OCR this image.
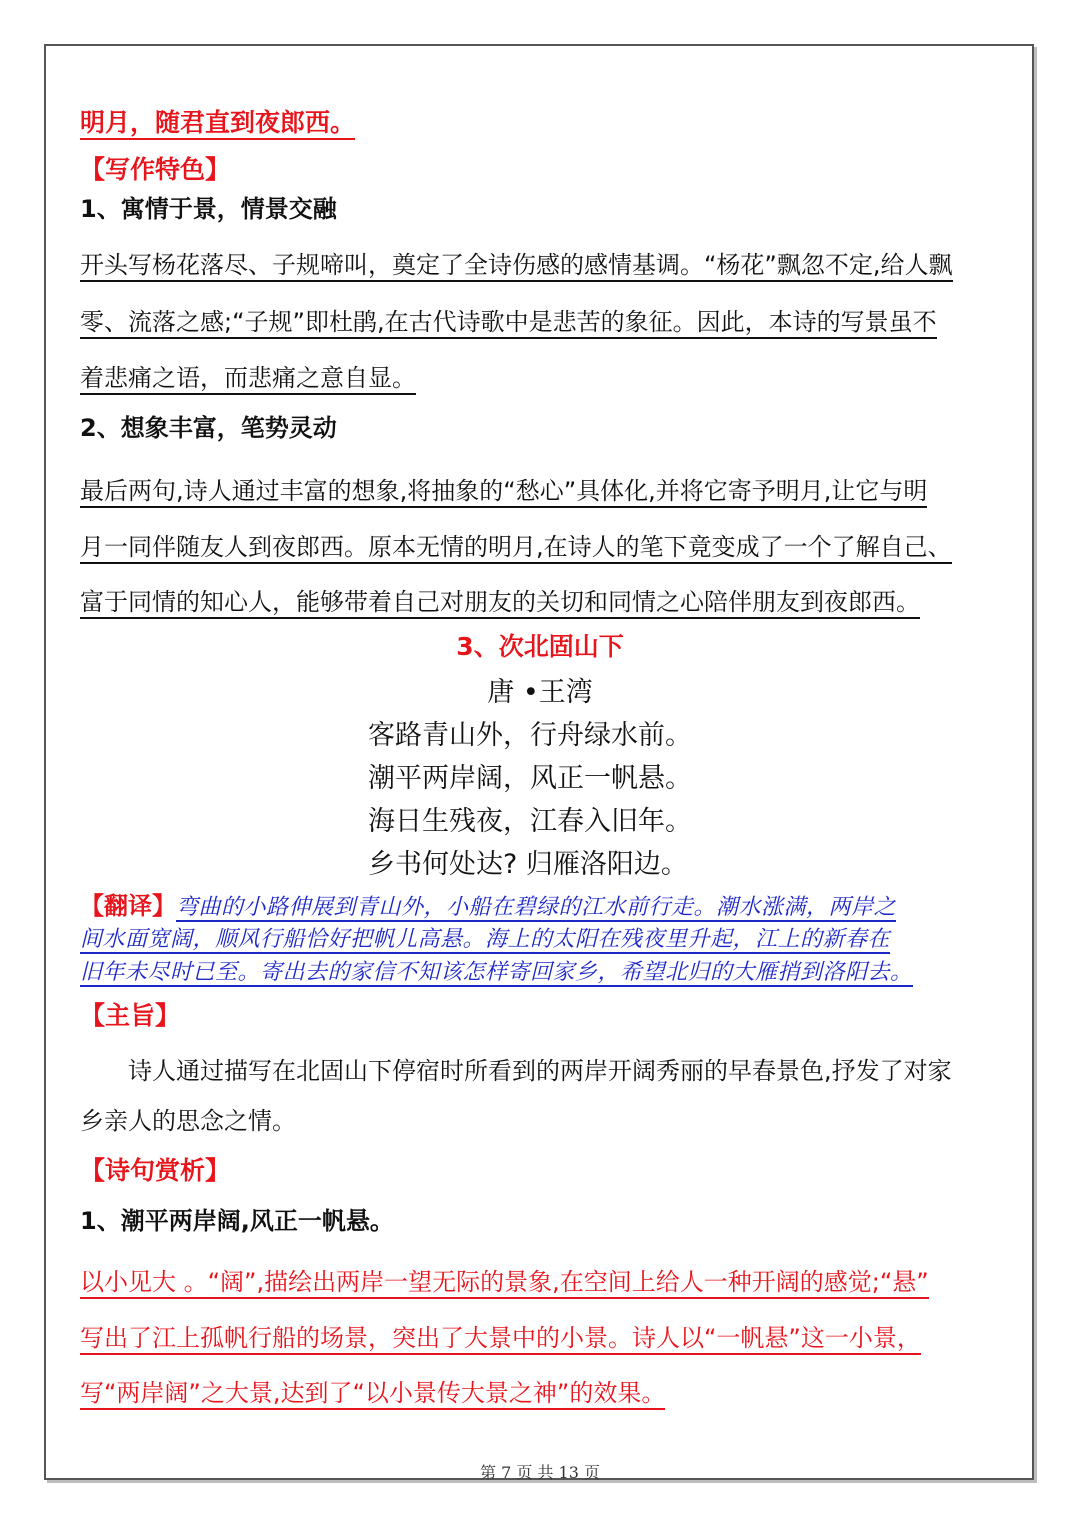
明月，随君直到夜郎西。
【写作特色】
1、寓情于景，情景交融
开头写杨花落尽、子规啼叫，奠定了全诗伤感的感情基调。“杨花”飘忽不定,给人飘
零、流落之感;“子规”即杜鹃,在古代诗歌中是悲苦的象征。因此，本诗的写景虽不
着悲痛之语，而悲痛之意自显。
2、想象丰富，笔势灵动
最后两句,诗人通过丰富的想象,将抽象的“愁心”具体化,并将它寄予明月,让它与明
月一同伴随友人到夜郎西。原本无情的明月,在诗人的笔下竟变成了一个了解自己、
富于同情的知心人，能够带着自己对朋友的关切和同情之心陪伴朋友到夜郎西。
3、次北固山下
唐 •王湾
客路青山外，行舟绿水前。
潮平两岸阔，风正一帆悬。
海日生残夜，江春入旧年。
乡书何处达? 归雁洛阳边。
【翻译】弯曲的小路伸展到青山外，小船在碧绿的江水前行走。潮水涨满，两岸之
间水面宽阔，顺风行船恰好把帆儿高悬。海上的太阳在残夜里升起，江上的新春在
旧年未尽时已至。寄出去的家信不知该怎样寄回家乡，希望北归的大雁捎到洛阳去。
【主旨】
诗人通过描写在北固山下停宿时所看到的两岸开阔秀丽的早春景色,抒发了对家
乡亲人的思念之情。
【诗句赏析】
1、潮平两岸阔,风正一帆悬。
以小见大 。“阔”,描绘出两岸一望无际的景象,在空间上给人一种开阔的感觉;“悬”
写出了江上孤帆行船的场景，突出了大景中的小景。诗人以“一帆悬”这一小景，
写“两岸阔”之大景,达到了“以小景传大景之神”的效果。
第 7 页 共 13 页
